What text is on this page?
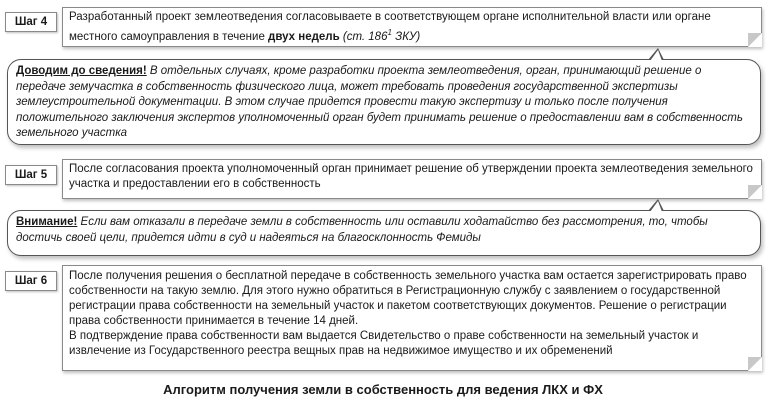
Шаг 4	Разработанный проект землеотведения согласовываете в соответствующем органе исполнительной власти или органе местного самоуправления в течение двух недель (ст. $186^1$ ЗКУ)
Доводим до сведения! В отдельных случаях, кроме разработки проекта землеотведения, орган, принимающий решение о передаче земучастка в собственность физического лица, может требовать проведения государственной экспертизы землеустроительной документации. В этом случае придется провести такую экспертизу и только после получения положительного заключения экспертов уполномоченный орган будет принимать решение о предоставлении вам в собственность земельного участка
Шаг 5	После согласования проекта уполномоченный орган принимает решение об утверждении проекта землеотведения земельного участка и предоставлении его в собственность
Внимание! Если вам отказали в передаче земли в собственность или оставили ходатайство без рассмотрения, то, чтобы достичь своей цели, придется идти в суд и надеяться на благосклонность Фемиды
Шаг 6	После получения решения о бесплатной передаче в собственность земельного участка вам остается зарегистрировать право собственности на такую землю. Для этого нужно обратиться в Регистрационную службу с заявлением о государственной регистрации права собственности на земельный участок и пакетом соответствующих документов. Решение о регистрации права собственности принимается в течение 14 дней.

В подтверждение права собственности вам выдается Свидетельство о праве собственности на земельный участок и извлечение из Государственного реестра вещных прав на недвижимое имущество и их обременений

Алгоритм получения земли в собственность для ведения ЛКХ и ФХ
